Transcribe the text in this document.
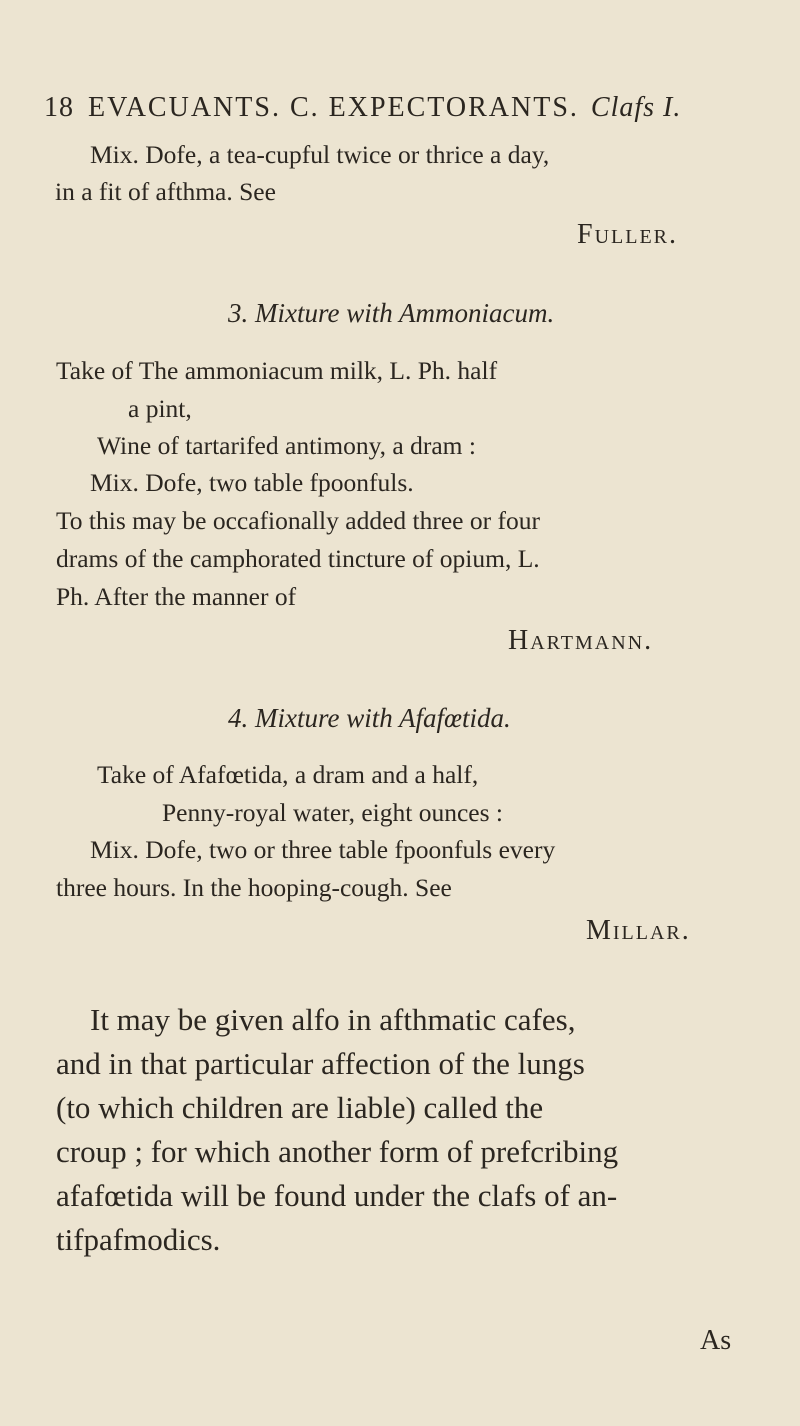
18 EVACUANTS. C. EXPECTORANTS. Clafs I.
Mix. Dofe, a tea-cupful twice or thrice a day,
in a fit of afthma. See
Fuller.
3. Mixture with Ammoniacum.
Take of The ammoniacum milk, L. Ph. half
a pint,
Wine of tartarifed antimony, a dram :
Mix. Dofe, two table fpoonfuls.
To this may be occafionally added three or four
drams of the camphorated tincture of opium, L.
Ph. After the manner of
Hartmann.
4. Mixture with Afafœtida.
Take of Afafœtida, a dram and a half,
Penny-royal water, eight ounces :
Mix. Dofe, two or three table fpoonfuls every
three hours. In the hooping-cough. See
Millar.
It may be given alfo in afthmatic cafes,
and in that particular affection of the lungs
(to which children are liable) called the
croup ; for which another form of prefcribing
afafœtida will be found under the clafs of an-
tifpafmodics.
As
